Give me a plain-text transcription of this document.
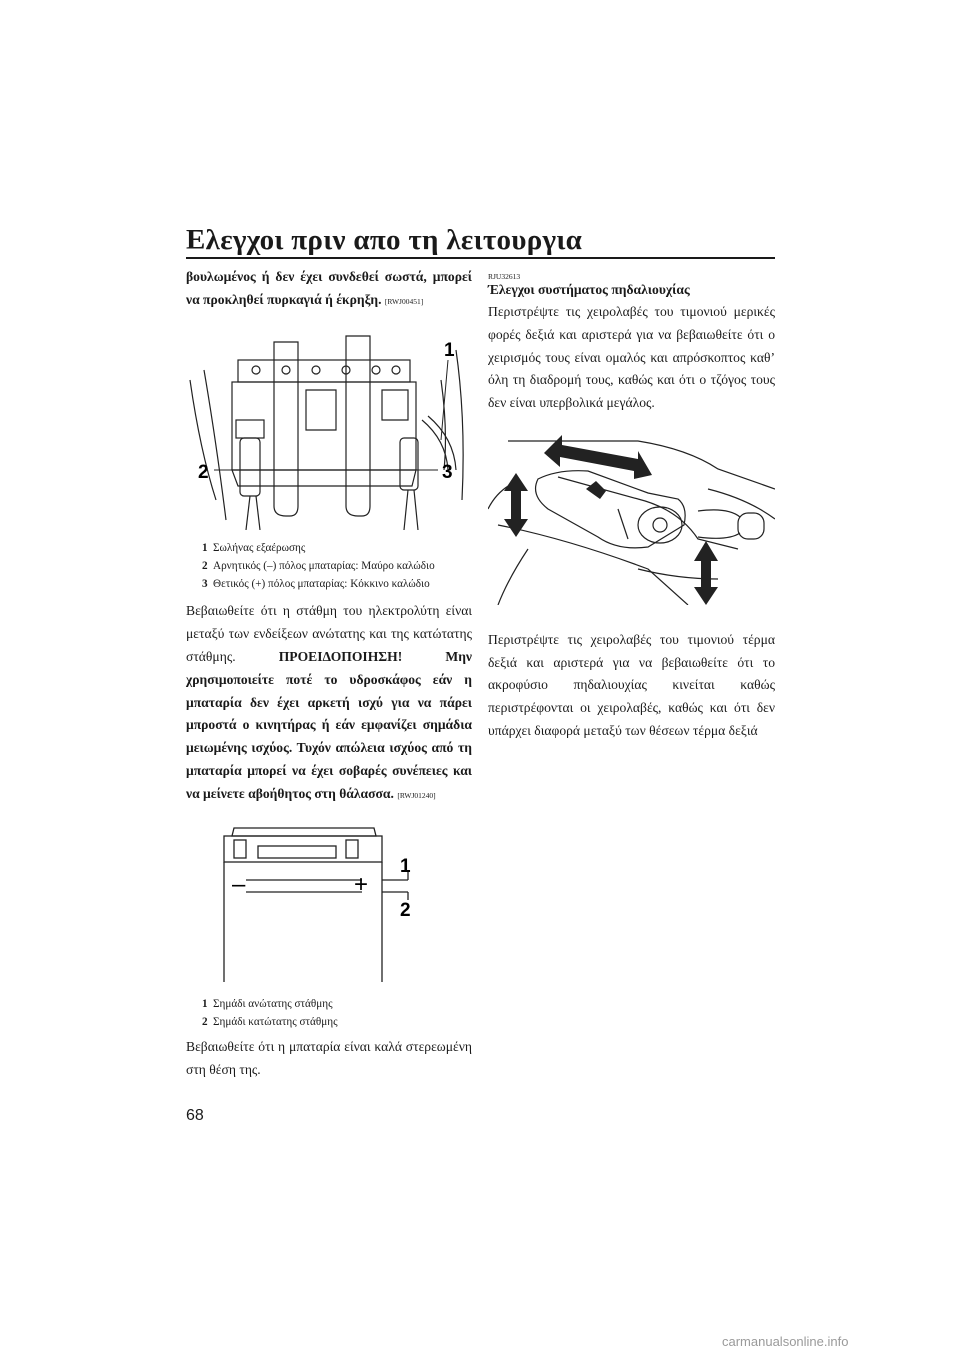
Ελεγχοι πριν απο τη λειτουργια

βουλωμένος ή δεν έχει συνδεθεί σωστά, μπορεί να προκληθεί πυρκαγιά ή έκρηξη. [RWJ00451]

1
2	3
1 Σωλήνας εξαέρωσης
2 Αρνητικός (–) πόλος μπαταρίας: Μαύρο καλώδιο
3 Θετικός (+) πόλος μπαταρίας: Κόκκινο καλώδιο

Βεβαιωθείτε ότι η στάθμη του ηλεκτρολύτη είναι μεταξύ των ενδείξεων ανώτατης και της κατώτατης στάθμης.	ΠΡΟΕΙΔΟΠΟΙΗΣΗ! Μην χρησιμοποιείτε ποτέ το υδροσκάφος εάν η μπαταρία δεν έχει αρκετή ισχύ για να πάρει μπροστά ο κινητήρας ή εάν εμφανίζει σημάδια μειωμένης ισχύος. Τυχόν απώλεια ισχύος από τη μπαταρία μπορεί να έχει σοβαρές συνέπειες και να μείνετε αβοήθητος στη θάλασσα. [RWJ01240]

–	+
1
2
1 Σημάδι ανώτατης στάθμης
2 Σημάδι κατώτατης στάθμης

Βεβαιωθείτε ότι η μπαταρία είναι καλά στερεωμένη στη θέση της.

RJU32613
Έλεγχοι συστήματος πηδαλιουχίας

Περιστρέψτε τις χειρολαβές του τιμονιού μερικές φορές δεξιά και αριστερά για να βεβαιωθείτε ότι ο χειρισμός τους είναι ομαλός και απρόσκοπτος καθ’ όλη τη διαδρομή τους, καθώς και ότι ο τζόγος τους δεν είναι υπερβολικά μεγάλος.

Περιστρέψτε τις χειρολαβές του τιμονιού τέρμα δεξιά και αριστερά για να βεβαιωθείτε ότι το ακροφύσιο πηδαλιουχίας κινείται καθώς περιστρέφονται οι χειρολαβές, καθώς και ότι δεν υπάρχει διαφορά μεταξύ των θέσεων τέρμα δεξιά

68
carmanualsonline.info
